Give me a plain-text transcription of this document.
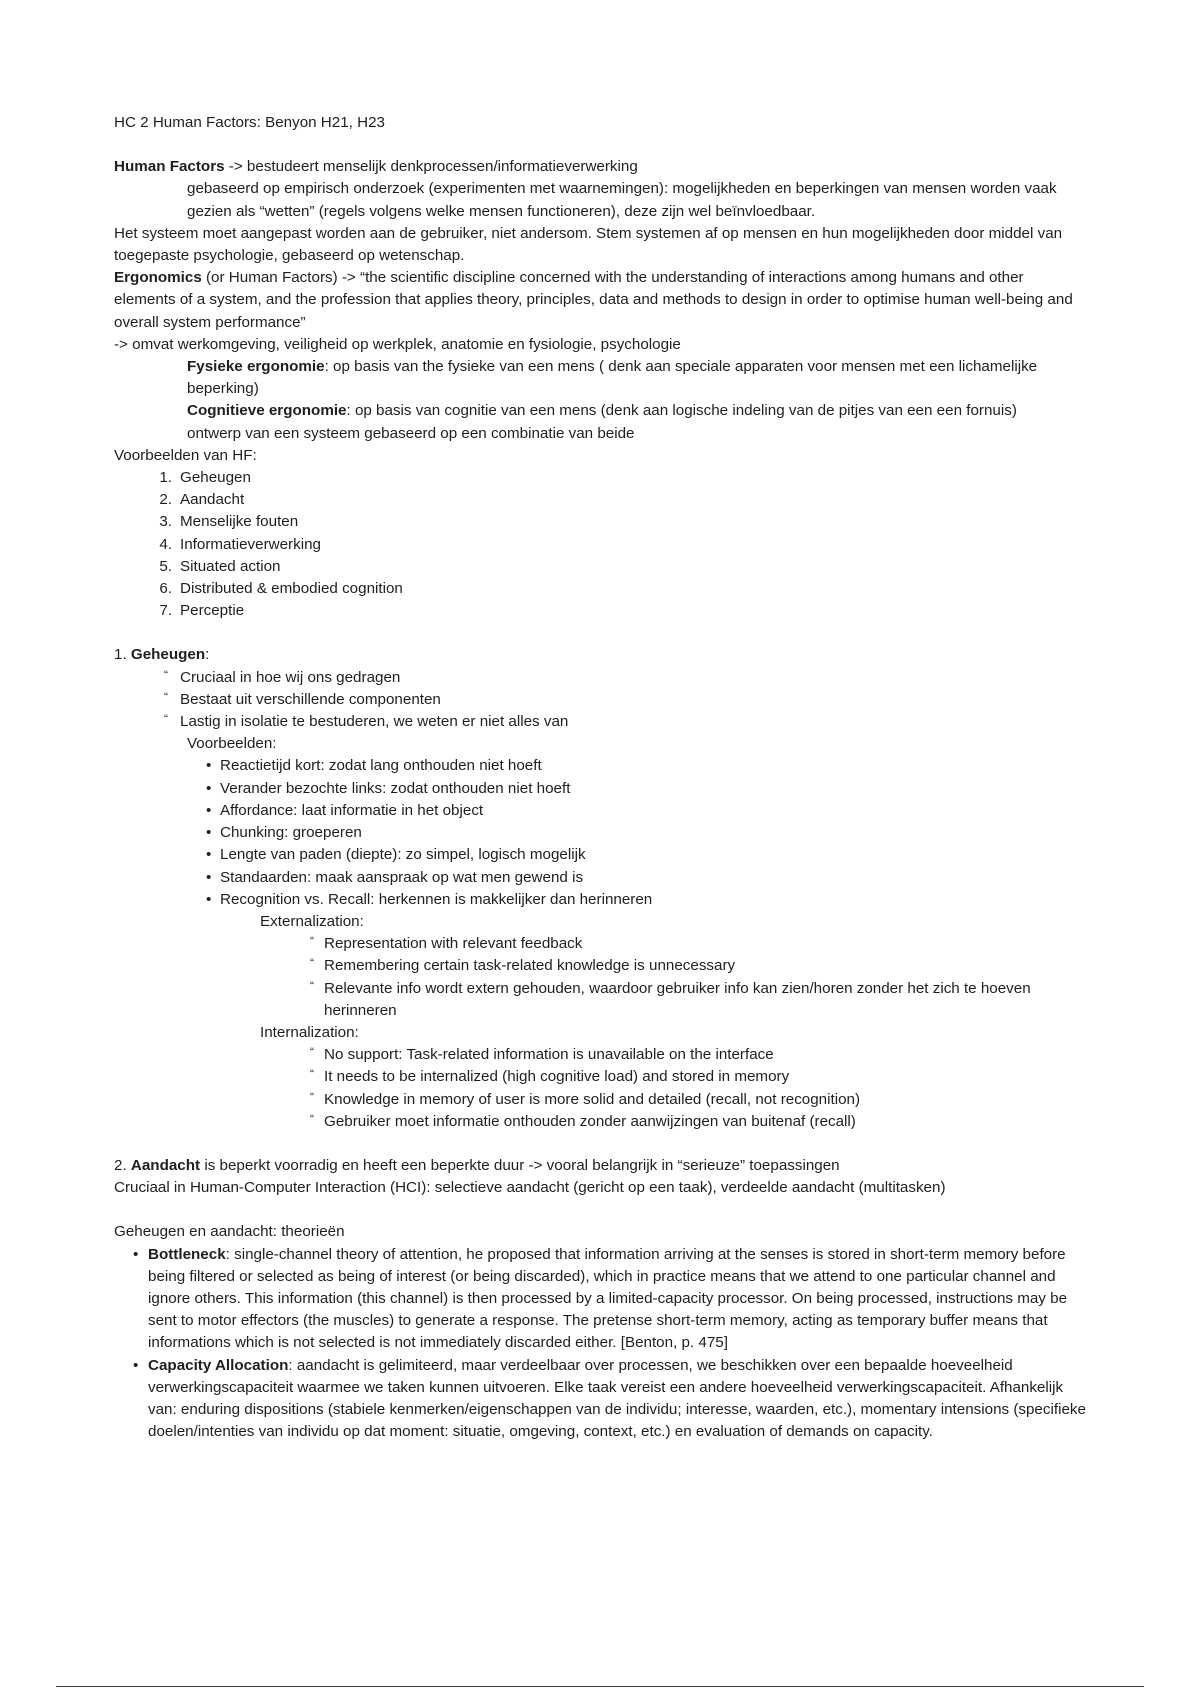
HC 2 Human Factors: Benyon H21, H23

Human Factors -> bestudeert menselijk denkprocessen/informatieverwerking

gebaseerd op empirisch onderzoek (experimenten met waarnemingen): mogelijkheden en beperkingen van mensen worden vaak gezien als “wetten” (regels volgens welke mensen functioneren), deze zijn wel beïnvloedbaar.

Het systeem moet aangepast worden aan de gebruiker, niet andersom. Stem systemen af op mensen en hun mogelijkheden door middel van toegepaste psychologie, gebaseerd op wetenschap.

Ergonomics (or Human Factors) -> “the scientific discipline concerned with the understanding of interactions among humans and other elements of a system, and the profession that applies theory, principles, data and methods to design in order to optimise human well-being and overall system performance”

-> omvat werkomgeving, veiligheid op werkplek, anatomie en fysiologie, psychologie

Fysieke ergonomie: op basis van the fysieke van een mens ( denk aan speciale apparaten voor mensen met een lichamelijke beperking)

Cognitieve ergonomie: op basis van cognitie van een mens (denk aan logische indeling van de pitjes van een een fornuis)

ontwerp van een systeem gebaseerd op een combinatie van beide

Voorbeelden van HF:

1. Geheugen
2. Aandacht
3. Menselijke fouten
4. Informatieverwerking
5. Situated action
6. Distributed & embodied cognition
7. Perceptie

1. Geheugen:

“ Cruciaal in hoe wij ons gedragen
“ Bestaat uit verschillende componenten
“ Lastig in isolatie te bestuderen, we weten er niet alles van

Voorbeelden:

• Reactietijd kort: zodat lang onthouden niet hoeft
• Verander bezochte links: zodat onthouden niet hoeft
• Affordance: laat informatie in het object
• Chunking: groeperen
• Lengte van paden (diepte): zo simpel, logisch mogelijk
• Standaarden: maak aanspraak op wat men gewend is
• Recognition vs. Recall: herkennen is makkelijker dan herinneren

Externalization:

“ Representation with relevant feedback
“ Remembering certain task-related knowledge is unnecessary
“ Relevante info wordt extern gehouden, waardoor gebruiker info kan zien/horen zonder het zich te hoeven herinneren

Internalization:

“ No support: Task-related information is unavailable on the interface
“ It needs to be internalized (high cognitive load) and stored in memory
“ Knowledge in memory of user is more solid and detailed (recall, not recognition)
“ Gebruiker moet informatie onthouden zonder aanwijzingen van buitenaf (recall)

2. Aandacht is beperkt voorradig en heeft een beperkte duur -> vooral belangrijk in “serieuze” toepassingen

Cruciaal in Human-Computer Interaction (HCI): selectieve aandacht (gericht op een taak), verdeelde aandacht (multitasken)

Geheugen en aandacht: theorieën

• Bottleneck: single-channel theory of attention, he proposed that information arriving at the senses is stored in short-term memory before being filtered or selected as being of interest (or being discarded), which in practice means that we attend to one particular channel and ignore others. This information (this channel) is then processed by a limited-capacity processor. On being processed, instructions may be sent to motor effectors (the muscles) to generate a response. The pretense short-term memory, acting as temporary buffer means that informations which is not selected is not immediately discarded either. [Benton, p. 475]
• Capacity Allocation: aandacht is gelimiteerd, maar verdeelbaar over processen, we beschikken over een bepaalde hoeveelheid verwerkingscapaciteit waarmee we taken kunnen uitvoeren. Elke taak vereist een andere hoeveelheid verwerkingscapaciteit. Afhankelijk van: enduring dispositions (stabiele kenmerken/eigenschappen van de individu; interesse, waarden, etc.), momentary intensions (specifieke doelen/intenties van individu op dat moment: situatie, omgeving, context, etc.) en evaluation of demands on capacity.
